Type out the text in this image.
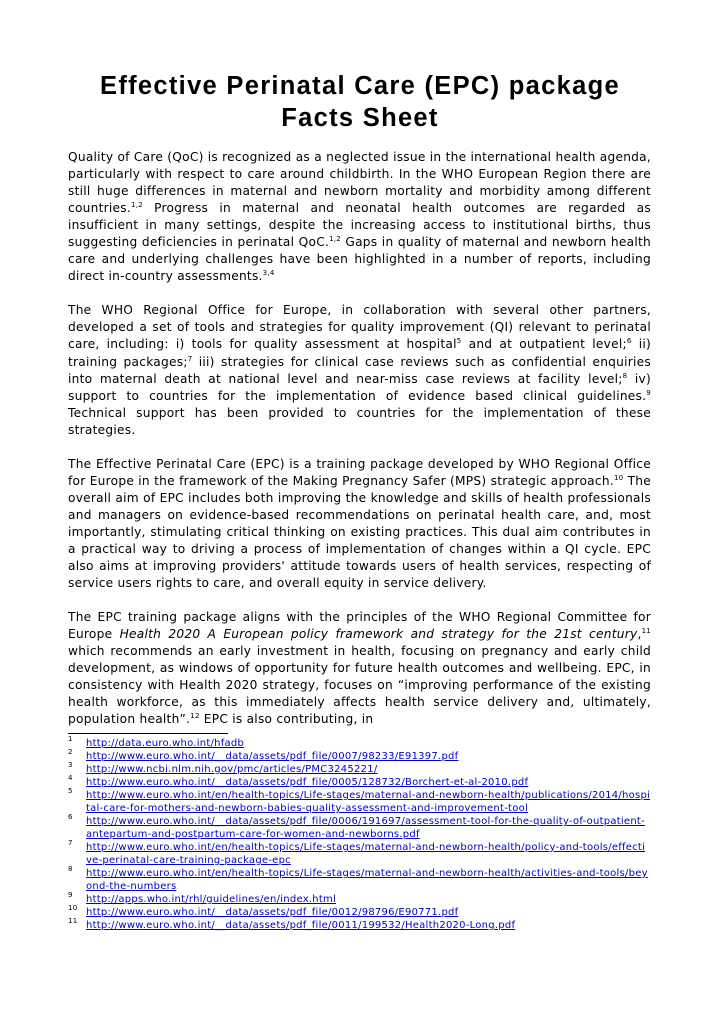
Effective Perinatal Care (EPC) package
Facts Sheet

Quality of Care (QoC) is recognized as a neglected issue in the international health agenda, particularly with respect to care around childbirth. In the WHO European Region there are still huge differences in maternal and newborn mortality and morbidity among different countries.$^{1,2}$ Progress in maternal and neonatal health outcomes are regarded as insufficient in many settings, despite the increasing access to institutional births, thus suggesting deficiencies in perinatal QoC.$^{1,2}$ Gaps in quality of maternal and newborn health care and underlying challenges have been highlighted in a number of reports, including direct in-country assessments.$^{3,4}$

The WHO Regional Office for Europe, in collaboration with several other partners, developed a set of tools and strategies for quality improvement (QI) relevant to perinatal care, including: i) tools for quality assessment at hospital$^5$ and at outpatient level;$^6$ ii) training packages;$^7$ iii) strategies for clinical case reviews such as confidential enquiries into maternal death at national level and near-miss case reviews at facility level;$^8$ iv) support to countries for the implementation of evidence based clinical guidelines.$^9$ Technical support has been provided to countries for the implementation of these strategies.

The Effective Perinatal Care (EPC) is a training package developed by WHO Regional Office for Europe in the framework of the Making Pregnancy Safer (MPS) strategic approach.$^{10}$ The overall aim of EPC includes both improving the knowledge and skills of health professionals and managers on evidence-based recommendations on perinatal health care, and, most importantly, stimulating critical thinking on existing practices. This dual aim contributes in a practical way to driving a process of implementation of changes within a QI cycle. EPC also aims at improving providers' attitude towards users of health services, respecting of service users rights to care, and overall equity in service delivery.

The EPC training package aligns with the principles of the WHO Regional Committee for Europe Health 2020 A European policy framework and strategy for the 21st century,$^{11}$ which recommends an early investment in health, focusing on pregnancy and early child development, as windows of opportunity for future health outcomes and wellbeing. EPC, in consistency with Health 2020 strategy, focuses on “improving performance of the existing health workforce, as this immediately affects health service delivery and, ultimately, population health”.$^{12}$ EPC is also contributing, in

1 http://data.euro.who.int/hfadb
2 http://www.euro.who.int/__data/assets/pdf_file/0007/98233/E91397.pdf
3 http://www.ncbi.nlm.nih.gov/pmc/articles/PMC3245221/
4 http://www.euro.who.int/__data/assets/pdf_file/0005/128732/Borchert-et-al-2010.pdf
5 http://www.euro.who.int/en/health-topics/Life-stages/maternal-and-newborn-health/publications/2014/hospital-care-for-mothers-and-newborn-babies-quality-assessment-and-improvement-tool
6 http://www.euro.who.int/__data/assets/pdf_file/0006/191697/assessment-tool-for-the-quality-of-outpatient-antepartum-and-postpartum-care-for-women-and-newborns.pdf
7 http://www.euro.who.int/en/health-topics/Life-stages/maternal-and-newborn-health/policy-and-tools/effective-perinatal-care-training-package-epc
8 http://www.euro.who.int/en/health-topics/Life-stages/maternal-and-newborn-health/activities-and-tools/beyond-the-numbers
9 http://apps.who.int/rhl/guidelines/en/index.html
10 http://www.euro.who.int/__data/assets/pdf_file/0012/98796/E90771.pdf
11 http://www.euro.who.int/__data/assets/pdf_file/0011/199532/Health2020-Long.pdf
